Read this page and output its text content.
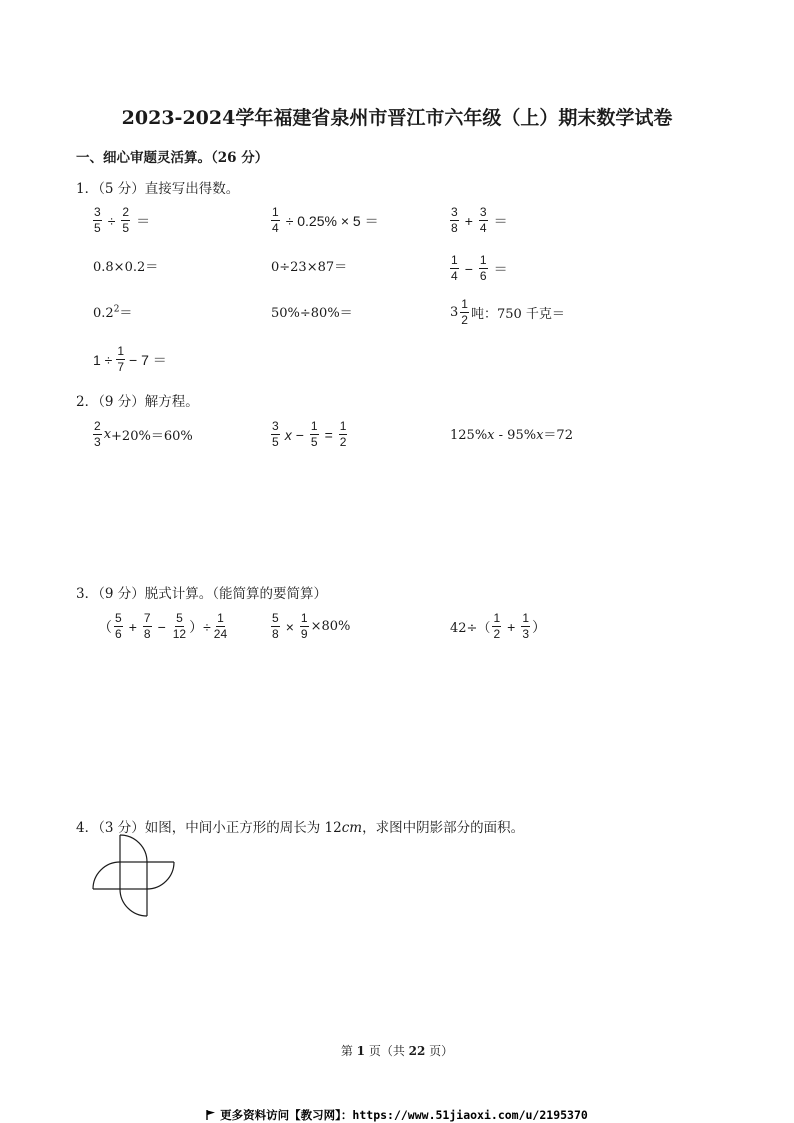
2023-2024学年福建省泉州市晋江市六年级（上）期末数学试卷
一、细心审题灵活算。（26 分）
1．（5 分）直接写出得数。
$\frac{3}{5} \div \frac{2}{5}$ ＝	$\frac{1}{4} \div 0.25\% \times 5$ ＝	$\frac{3}{8} + \frac{3}{4}$ ＝
0.8×0.2＝	0÷23×87＝	$\frac{1}{4} - \frac{1}{6}$ ＝
$0.2^2=$	50%÷80%＝	$3 \frac{1}{2}$ 吨：750 千克＝
$1 \div \frac{1}{7} - 7$ ＝
2．（9 分）解方程。
$\frac{2}{3}$ x +20%＝60%	$\frac{3}{5}$ $x - \frac{1}{5} = \frac{1}{2}$	125%x - 95%x＝72
3．（9 分）脱式计算。（能简算的要简算）
（ $\frac{5}{6} + \frac{7}{8} - \frac{5}{12}$ ）÷ $\frac{1}{24}$	$\frac{5}{8} \times \frac{1}{9} \times 80\%$	$42\div( \frac{1}{2} + \frac{1}{3}$ ）
4．（3 分）如图，中间小正方形的周长为 12cm，求图中阴影部分的面积。
第 1 页（共 22 页）
更多资料访问【教习网】：https://www.51jiaoxi.com/u/2195370
